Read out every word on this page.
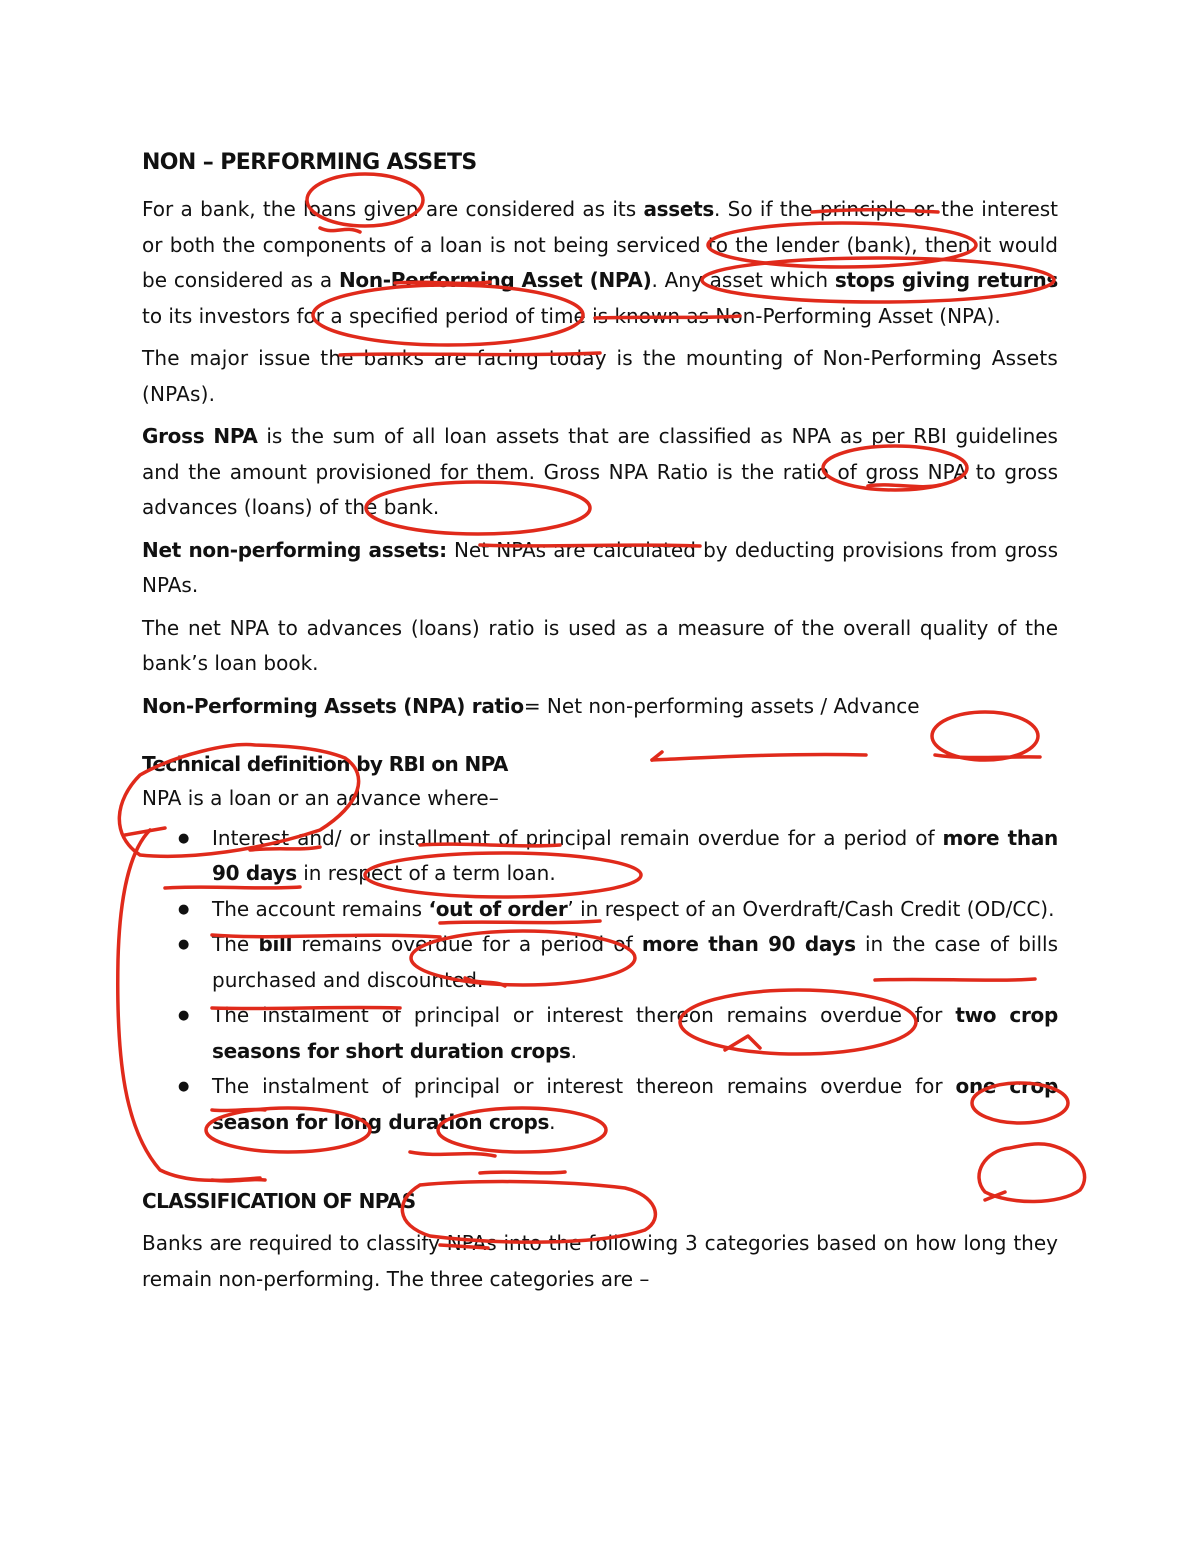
NON – PERFORMING ASSETS

For a bank, the loans given are considered as its assets. So if the principle or the interest or both the components of a loan is not being serviced to the lender (bank), then it would be considered as a Non-Performing Asset (NPA). Any asset which stops giving returns to its investors for a specified period of time is known as Non-Performing Asset (NPA).

The major issue the banks are facing today is the mounting of Non-Performing Assets (NPAs).

Gross NPA is the sum of all loan assets that are classified as NPA as per RBI guidelines and the amount provisioned for them. Gross NPA Ratio is the ratio of gross NPA to gross advances (loans) of the bank.

Net non-performing assets: Net NPAs are calculated by deducting provisions from gross NPAs.

The net NPA to advances (loans) ratio is used as a measure of the overall quality of the bank’s loan book.

Non-Performing Assets (NPA) ratio= Net non-performing assets / Advance

Technical definition by RBI on NPA

NPA is a loan or an advance where–

● Interest and/ or installment of principal remain overdue for a period of more than 90 days in respect of a term loan.
● The account remains ‘out of order’ in respect of an Overdraft/Cash Credit (OD/CC).
● The bill remains overdue for a period of more than 90 days in the case of bills purchased and discounted.
● The instalment of principal or interest thereon remains overdue for two crop seasons for short duration crops.
● The instalment of principal or interest thereon remains overdue for one crop season for long duration crops.
CLASSIFICATION OF NPAS

Banks are required to classify NPAs into the following 3 categories based on how long they remain non-performing. The three categories are –
